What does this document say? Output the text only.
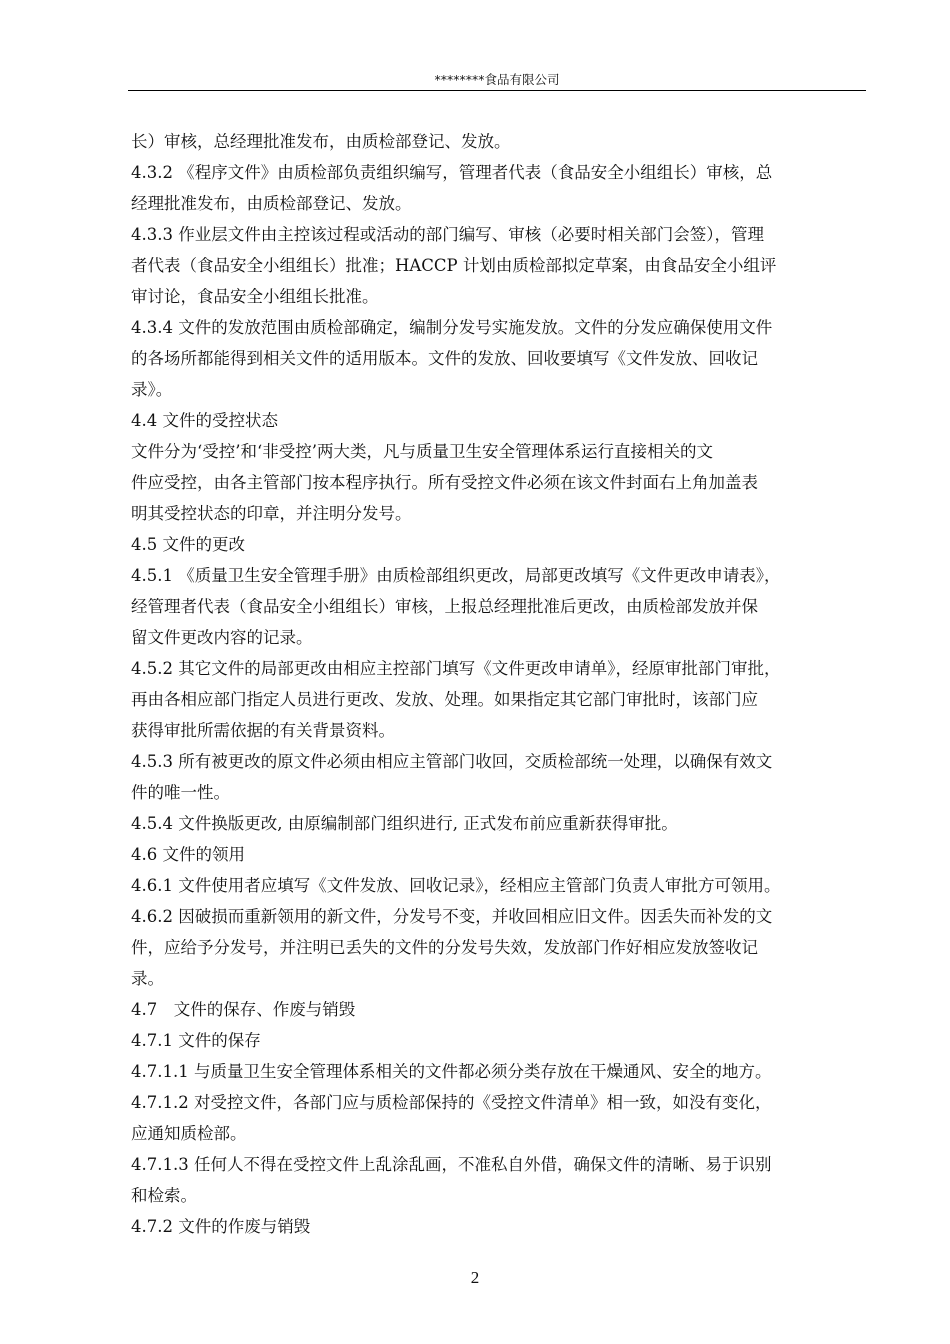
********食品有限公司
长）审核，总经理批准发布，由质检部登记、发放。
4.3.2 《程序文件》由质检部负责组织编写，管理者代表（食品安全小组组长）审核，总
经理批准发布，由质检部登记、发放。
4.3.3 作业层文件由主控该过程或活动的部门编写、审核（必要时相关部门会签），管理
者代表（食品安全小组组长）批准；HACCP 计划由质检部拟定草案，由食品安全小组评
审讨论，食品安全小组组长批准。
4.3.4 文件的发放范围由质检部确定，编制分发号实施发放。文件的分发应确保使用文件
的各场所都能得到相关文件的适用版本。文件的发放、回收要填写《文件发放、回收记
录》。
4.4 文件的受控状态
文件分为‘受控’和‘非受控’两大类，凡与质量卫生安全管理体系运行直接相关的文
件应受控，由各主管部门按本程序执行。所有受控文件必须在该文件封面右上角加盖表
明其受控状态的印章，并注明分发号。
4.5 文件的更改
4.5.1 《质量卫生安全管理手册》由质检部组织更改，局部更改填写《文件更改申请表》，
经管理者代表（食品安全小组组长）审核，上报总经理批准后更改，由质检部发放并保
留文件更改内容的记录。
4.5.2 其它文件的局部更改由相应主控部门填写《文件更改申请单》，经原审批部门审批，
再由各相应部门指定人员进行更改、发放、处理。如果指定其它部门审批时，该部门应
获得审批所需依据的有关背景资料。
4.5.3 所有被更改的原文件必须由相应主管部门收回，交质检部统一处理，以确保有效文
件的唯一性。
4.5.4 文件换版更改, 由原编制部门组织进行, 正式发布前应重新获得审批。
4.6 文件的领用
4.6.1 文件使用者应填写《文件发放、回收记录》，经相应主管部门负责人审批方可领用。
4.6.2 因破损而重新领用的新文件，分发号不变，并收回相应旧文件。因丢失而补发的文
件，应给予分发号，并注明已丢失的文件的分发号失效，发放部门作好相应发放签收记
录。
4.7　文件的保存、作废与销毁
4.7.1 文件的保存
4.7.1.1 与质量卫生安全管理体系相关的文件都必须分类存放在干燥通风、安全的地方。
4.7.1.2 对受控文件，各部门应与质检部保持的《受控文件清单》相一致，如没有变化，
应通知质检部。
4.7.1.3 任何人不得在受控文件上乱涂乱画，不准私自外借，确保文件的清晰、易于识别
和检索。
4.7.2 文件的作废与销毁
2
